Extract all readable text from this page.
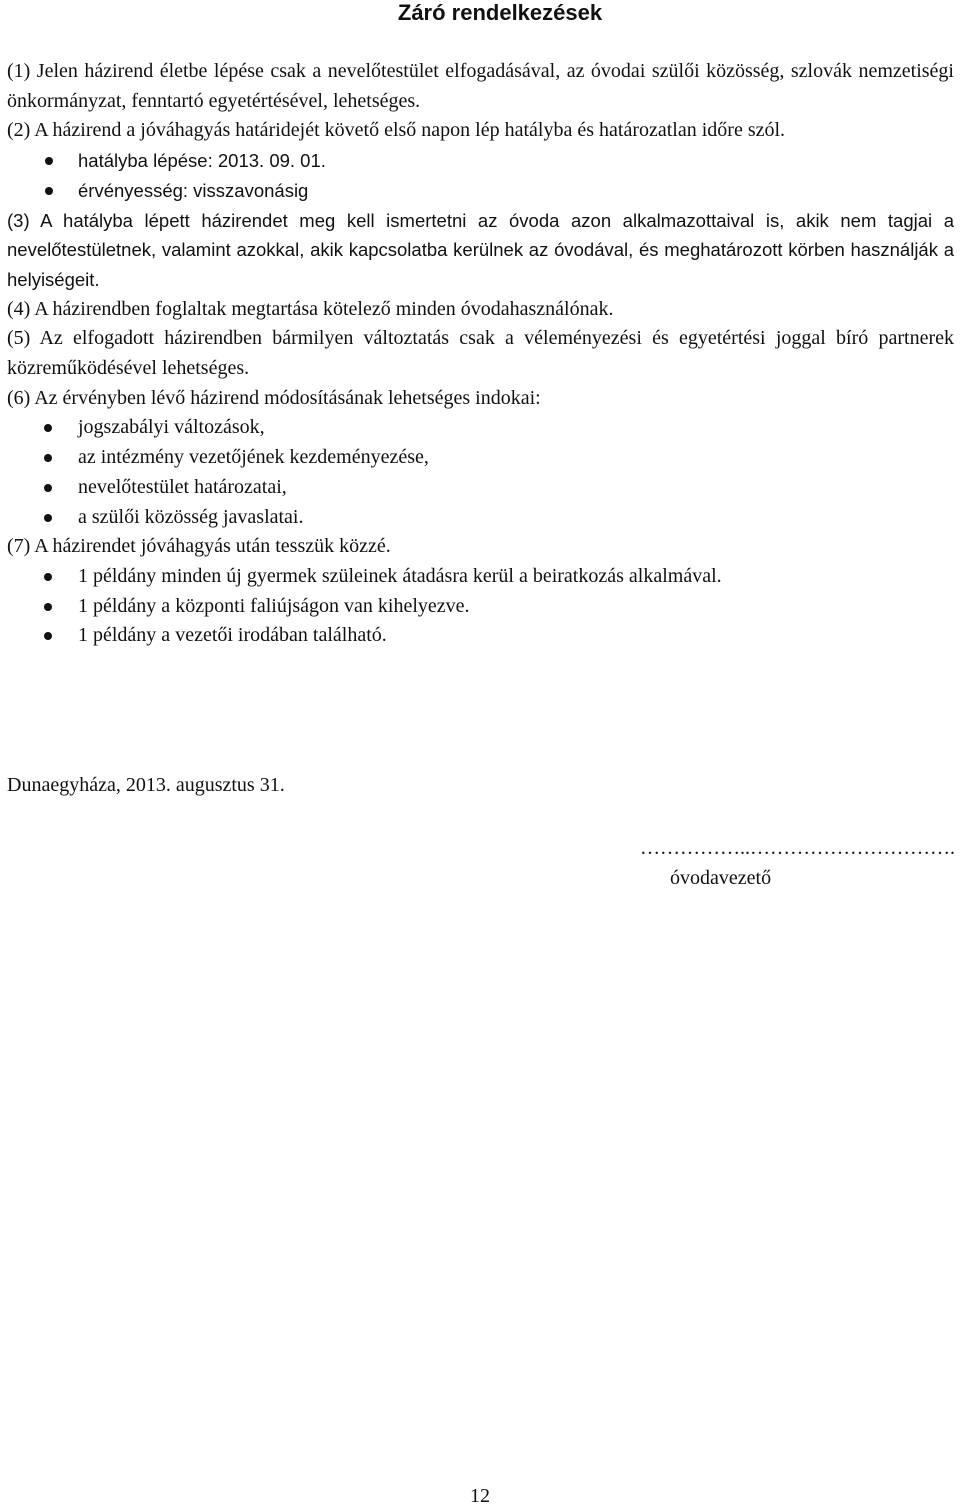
Záró rendelkezések

(1) Jelen házirend életbe lépése csak a nevelőtestület elfogadásával, az óvodai szülői közösség, szlovák nemzetiségi önkormányzat, fenntartó egyetértésével, lehetséges.

(2) A házirend a jóváhagyás határidejét követő első napon lép hatályba és határozatlan időre szól.

hatályba lépése: 2013. 09. 01.
érvényesség: visszavonásig

(3) A hatályba lépett házirendet meg kell ismertetni az óvoda azon alkalmazottaival is, akik nem tagjai a nevelőtestületnek, valamint azokkal, akik kapcsolatba kerülnek az óvodával, és meghatározott körben használják a helyiségeit.

(4) A házirendben foglaltak megtartása kötelező minden óvodahasználónak.

(5) Az elfogadott házirendben bármilyen változtatás csak a véleményezési és egyetértési joggal bíró partnerek közreműködésével lehetséges.

(6) Az érvényben lévő házirend módosításának lehetséges indokai:

jogszabályi változások,
az intézmény vezetőjének kezdeményezése,
nevelőtestület határozatai,
a szülői közösség javaslatai.

(7) A házirendet jóváhagyás után tesszük közzé.

1 példány minden új gyermek szüleinek átadásra kerül a beiratkozás alkalmával.
1 példány a központi faliújságon van kihelyezve.
1 példány a vezetői irodában található.
Dunaegyháza, 2013. augusztus 31.
……………..………………………….
óvodavezető
12
